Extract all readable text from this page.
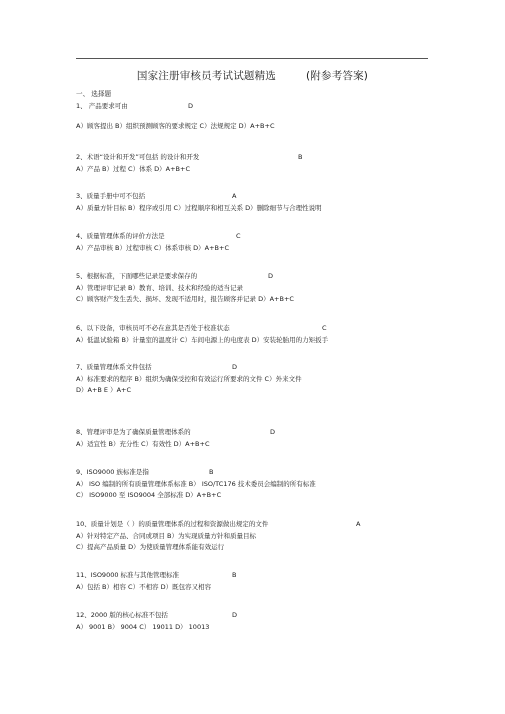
国家注册审核员考试试题精选	(附参考答案)
一、 选择题
1、 产品要求可由	D
A）顾客提出 B）组织预测顾客的要求规定 C）法规规定 D）A+B+C
2、术语“设计和开发”可包括 的设计和开发	B
A）产品 B）过程 C）体系 D）A+B+C
3、质量手册中可不包括	A
A）质量方针目标 B）程序或引用 C）过程顺序和相互关系 D）删除细节与合理性说明
4、质量管理体系的评价方法是	C
A）产品审核 B）过程审核 C）体系审核 D）A+B+C
5、根据标准，下面哪些记录是要求保存的	D
A）管理评审记录 B）教育、培训、技术和经验的适当记录
C）顾客财产发生丢失、损坏、发现不适用时，报告顾客并记录 D）A+B+C
6、以下设备，审核员可不必在意其是否处于校准状态	C
A）低温试验箱 B）计量室的温度计 C）车间电源上的电度表 D）安装轮胎用的力矩扳手
7、质量管理体系文件包括	D
A）标准要求的程序 B）组织为确保受控和有效运行所要求的文件 C）外来文件
D）A+B E ）A+C
8、管理评审是为了确保质量管理体系的	D
A）适宜性 B）充分性 C）有效性 D）A+B+C
9、ISO9000 族标准是指	B
A） ISO 编制的所有质量管理体系标准 B） ISO/TC176 技术委员会编制的所有标准
C） ISO9000 至 ISO9004 全部标准 D）A+B+C
10、质量计划是（ ）的质量管理体系的过程和资源做出规定的文件	A
A）针对特定产品、合同或项目 B）为实现质量方针和质量目标
C）提高产品质量 D）为使质量管理体系能有效运行
11、ISO9000 标准与其他管理标准	B
A）包括 B）相容 C）不相容 D）既包容又相容
12、2000 版的核心标准不包括	D
A） 9001 B） 9004 C） 19011 D） 10013
